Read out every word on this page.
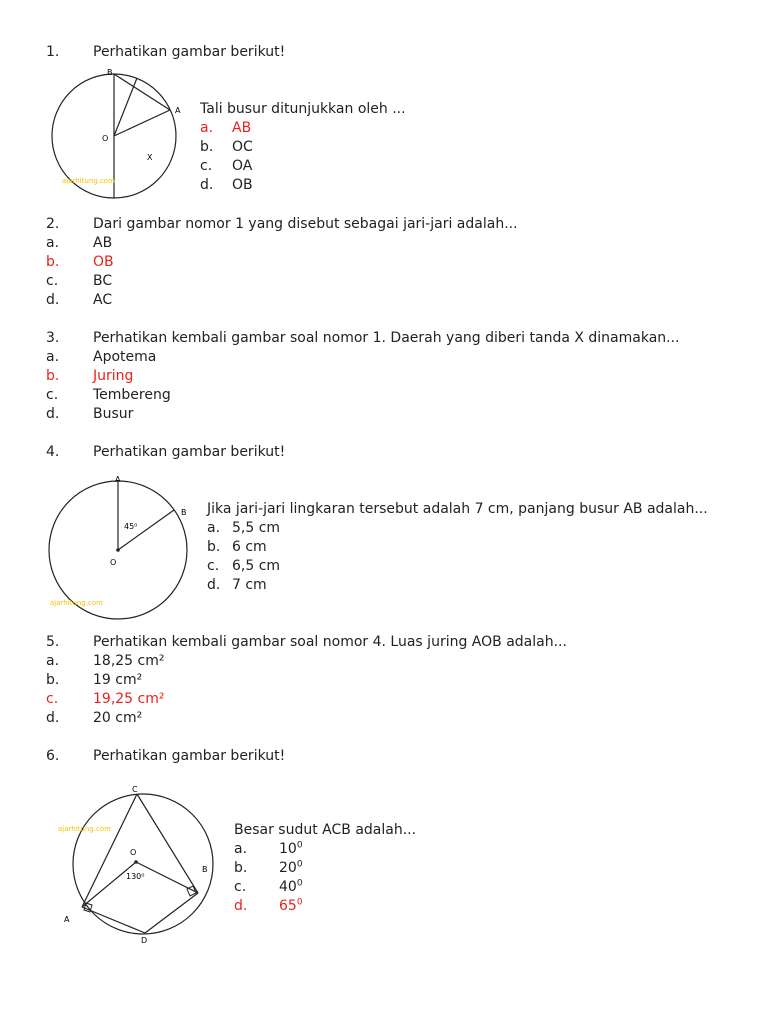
1. Perhatikan gambar berikut!
B
A
O
X
ajarhitung.com
Tali busur ditunjukkan oleh ...
a. AB
b. OC
c. OA
d. OB
2. Dari gambar nomor 1 yang disebut sebagai jari-jari adalah...
a. AB
b. OB
c. BC
d. AC
3. Perhatikan kembali gambar soal nomor 1. Daerah yang diberi tanda X dinamakan...
a. Apotema
b. Juring
c. Tembereng
d. Busur
4. Perhatikan gambar berikut!
A
B
O
45⁰
ajarhitung.com
Jika jari-jari lingkaran tersebut adalah 7 cm, panjang busur AB adalah...
a. 5,5 cm
b. 6 cm
c. 6,5 cm
d. 7 cm
5. Perhatikan kembali gambar soal nomor 4. Luas juring AOB adalah...
a. 18,25 cm²
b. 19 cm²
c. 19,25 cm²
d. 20 cm²
6. Perhatikan gambar berikut!
C
O
130⁰
A
B
D
ajarhitung.com	Besar sudut ACB adalah...
a. $10^0$
b. $20^0$
c. $40^0$
d. $65^0$
